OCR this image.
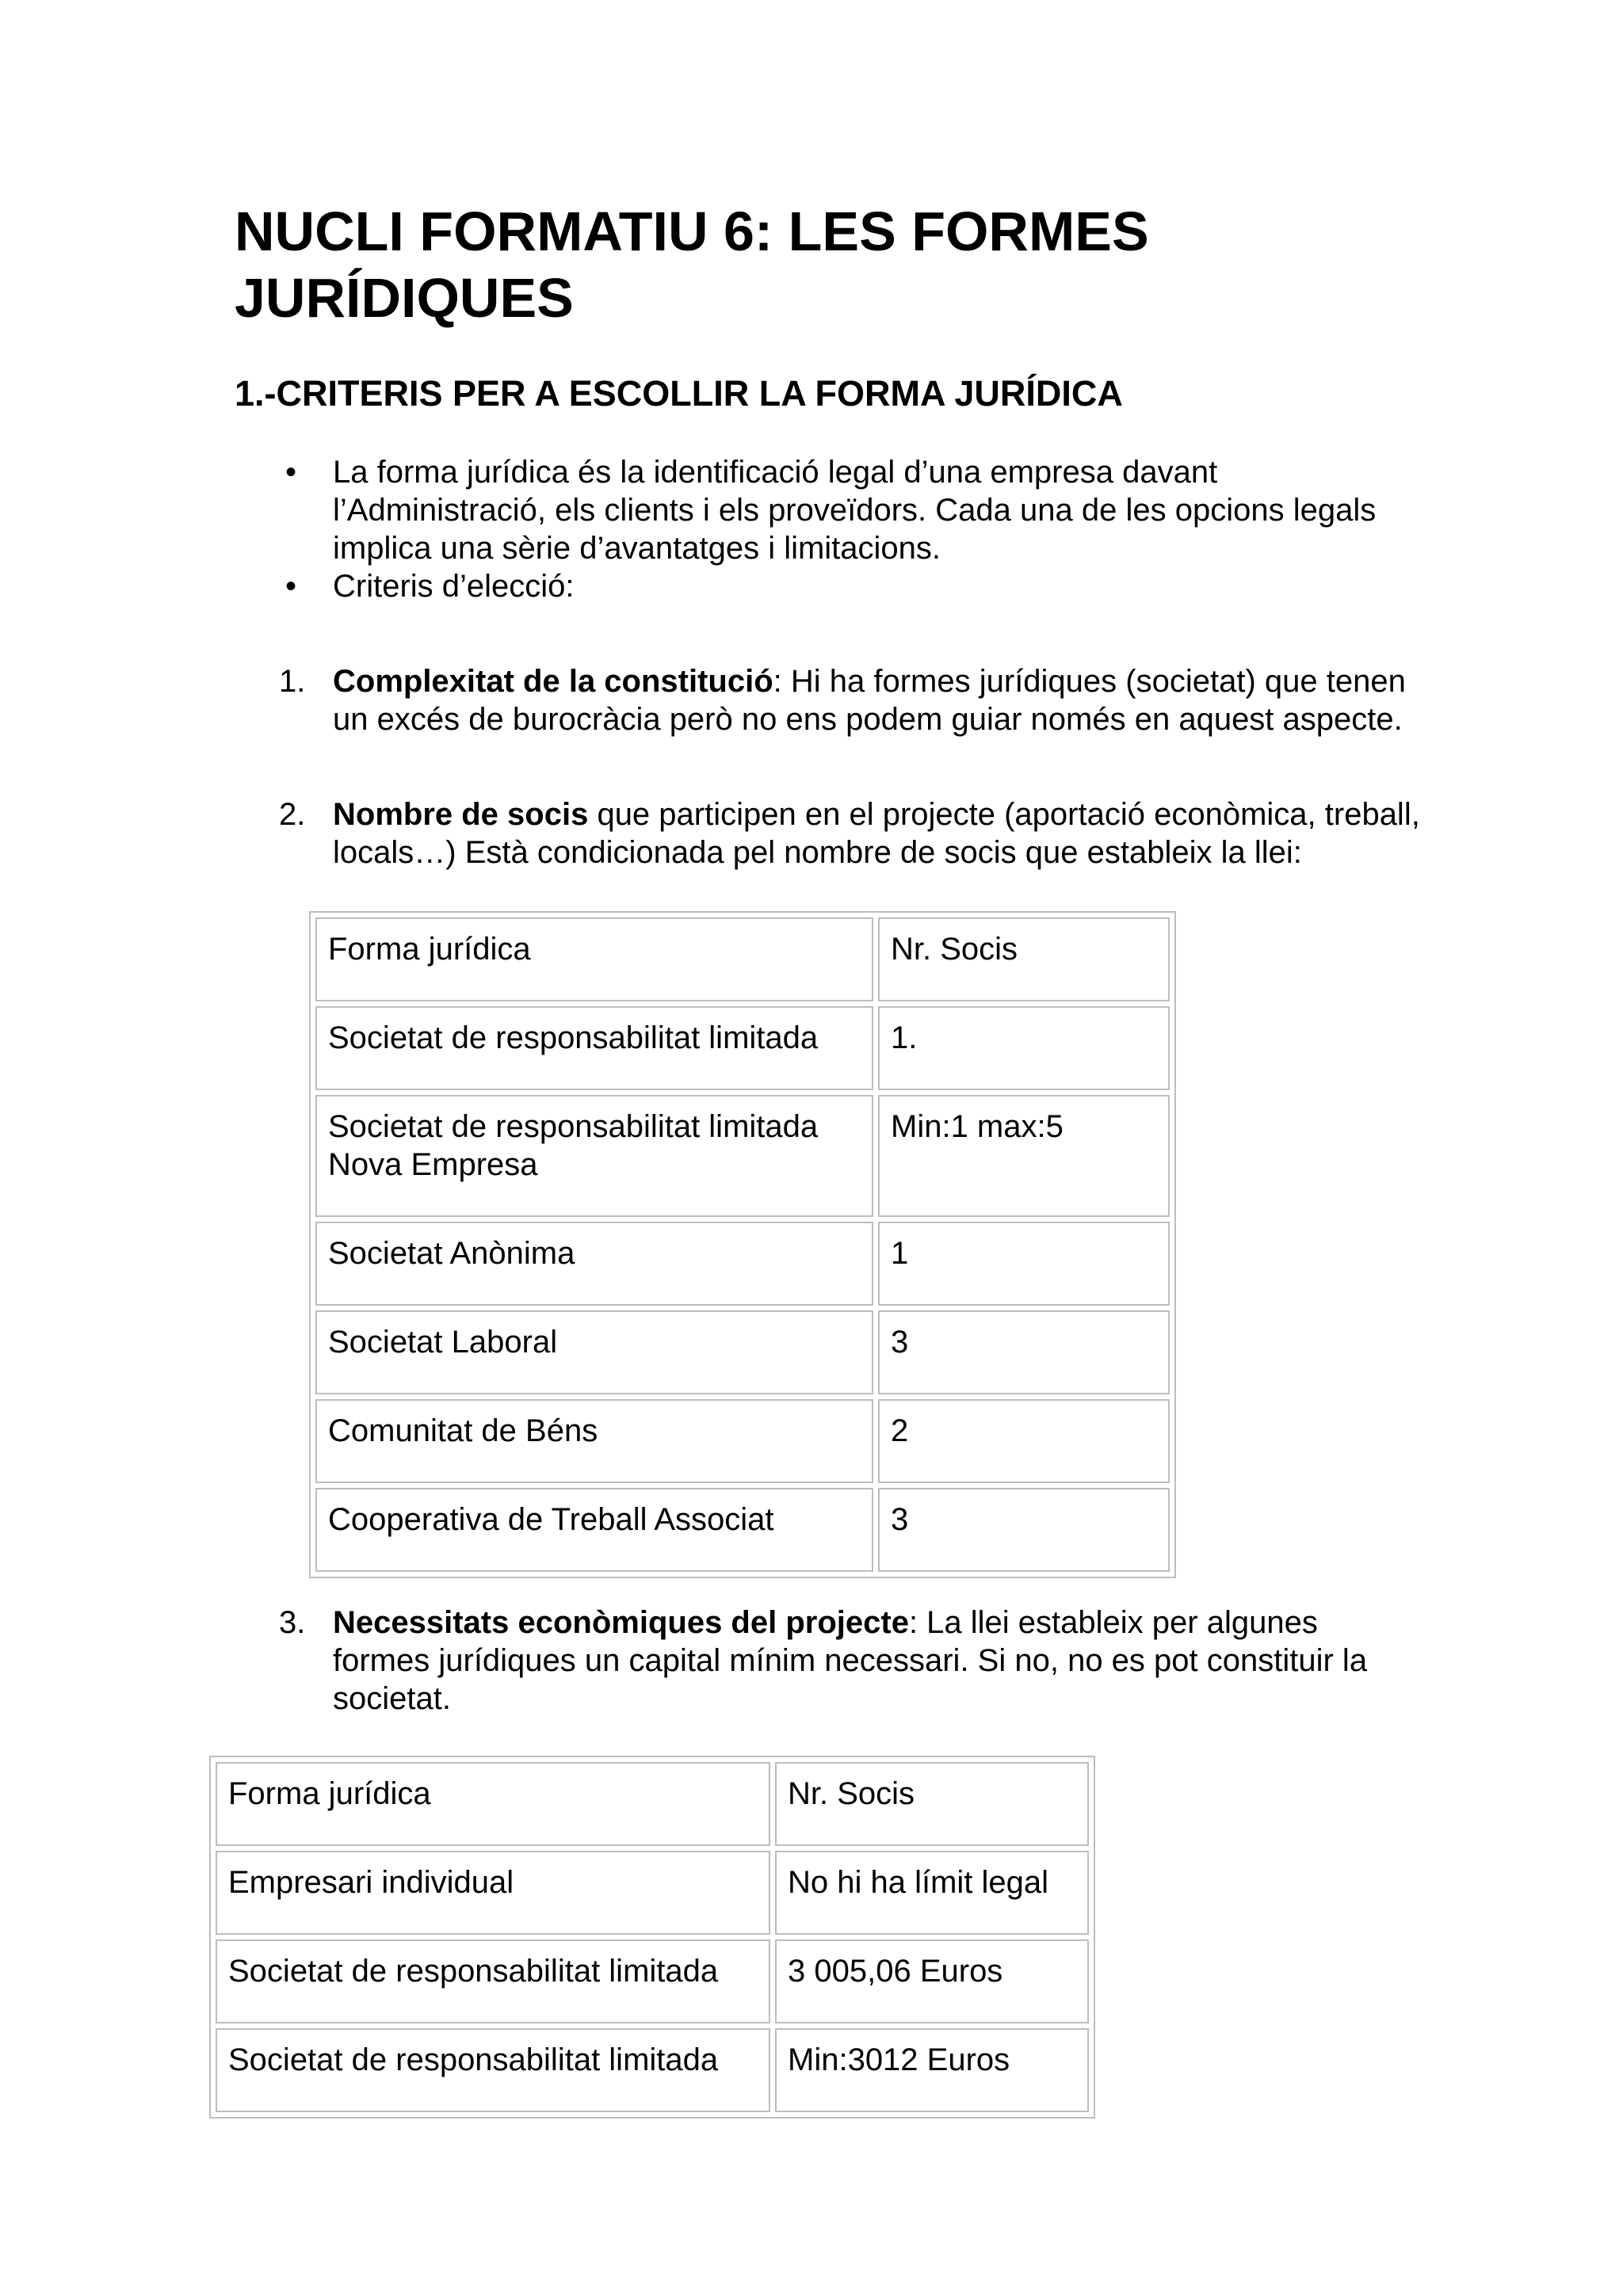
NUCLI FORMATIU 6: LES FORMES JURÍDIQUES
1.-CRITERIS PER A ESCOLLIR LA FORMA JURÍDICA
• La forma jurídica és la identificació legal d’una empresa davant l’Administració, els clients i els proveïdors. Cada una de les opcions legals implica una sèrie d’avantatges i limitacions.
• Criteris d’elecció:
1. Complexitat de la constitució: Hi ha formes jurídiques (societat) que tenen un excés de burocràcia però no ens podem guiar només en aquest aspecte.
2. Nombre de socis que participen en el projecte (aportació econòmica, treball, locals…) Està condicionada pel nombre de socis que estableix la llei:
Forma jurídica	Nr. Socis
Societat de responsabilitat limitada	1.
Societat de responsabilitat limitada Nova Empresa	Min:1 max:5
Societat Anònima	1
Societat Laboral	3
Comunitat de Béns	2
Cooperativa de Treball Associat	3
3. Necessitats econòmiques del projecte: La llei estableix per algunes formes jurídiques un capital mínim necessari. Si no, no es pot constituir la societat.
Forma jurídica	Nr. Socis
Empresari individual	No hi ha límit legal
Societat de responsabilitat limitada	3 005,06 Euros
Societat de responsabilitat limitada	Min:3012 Euros
